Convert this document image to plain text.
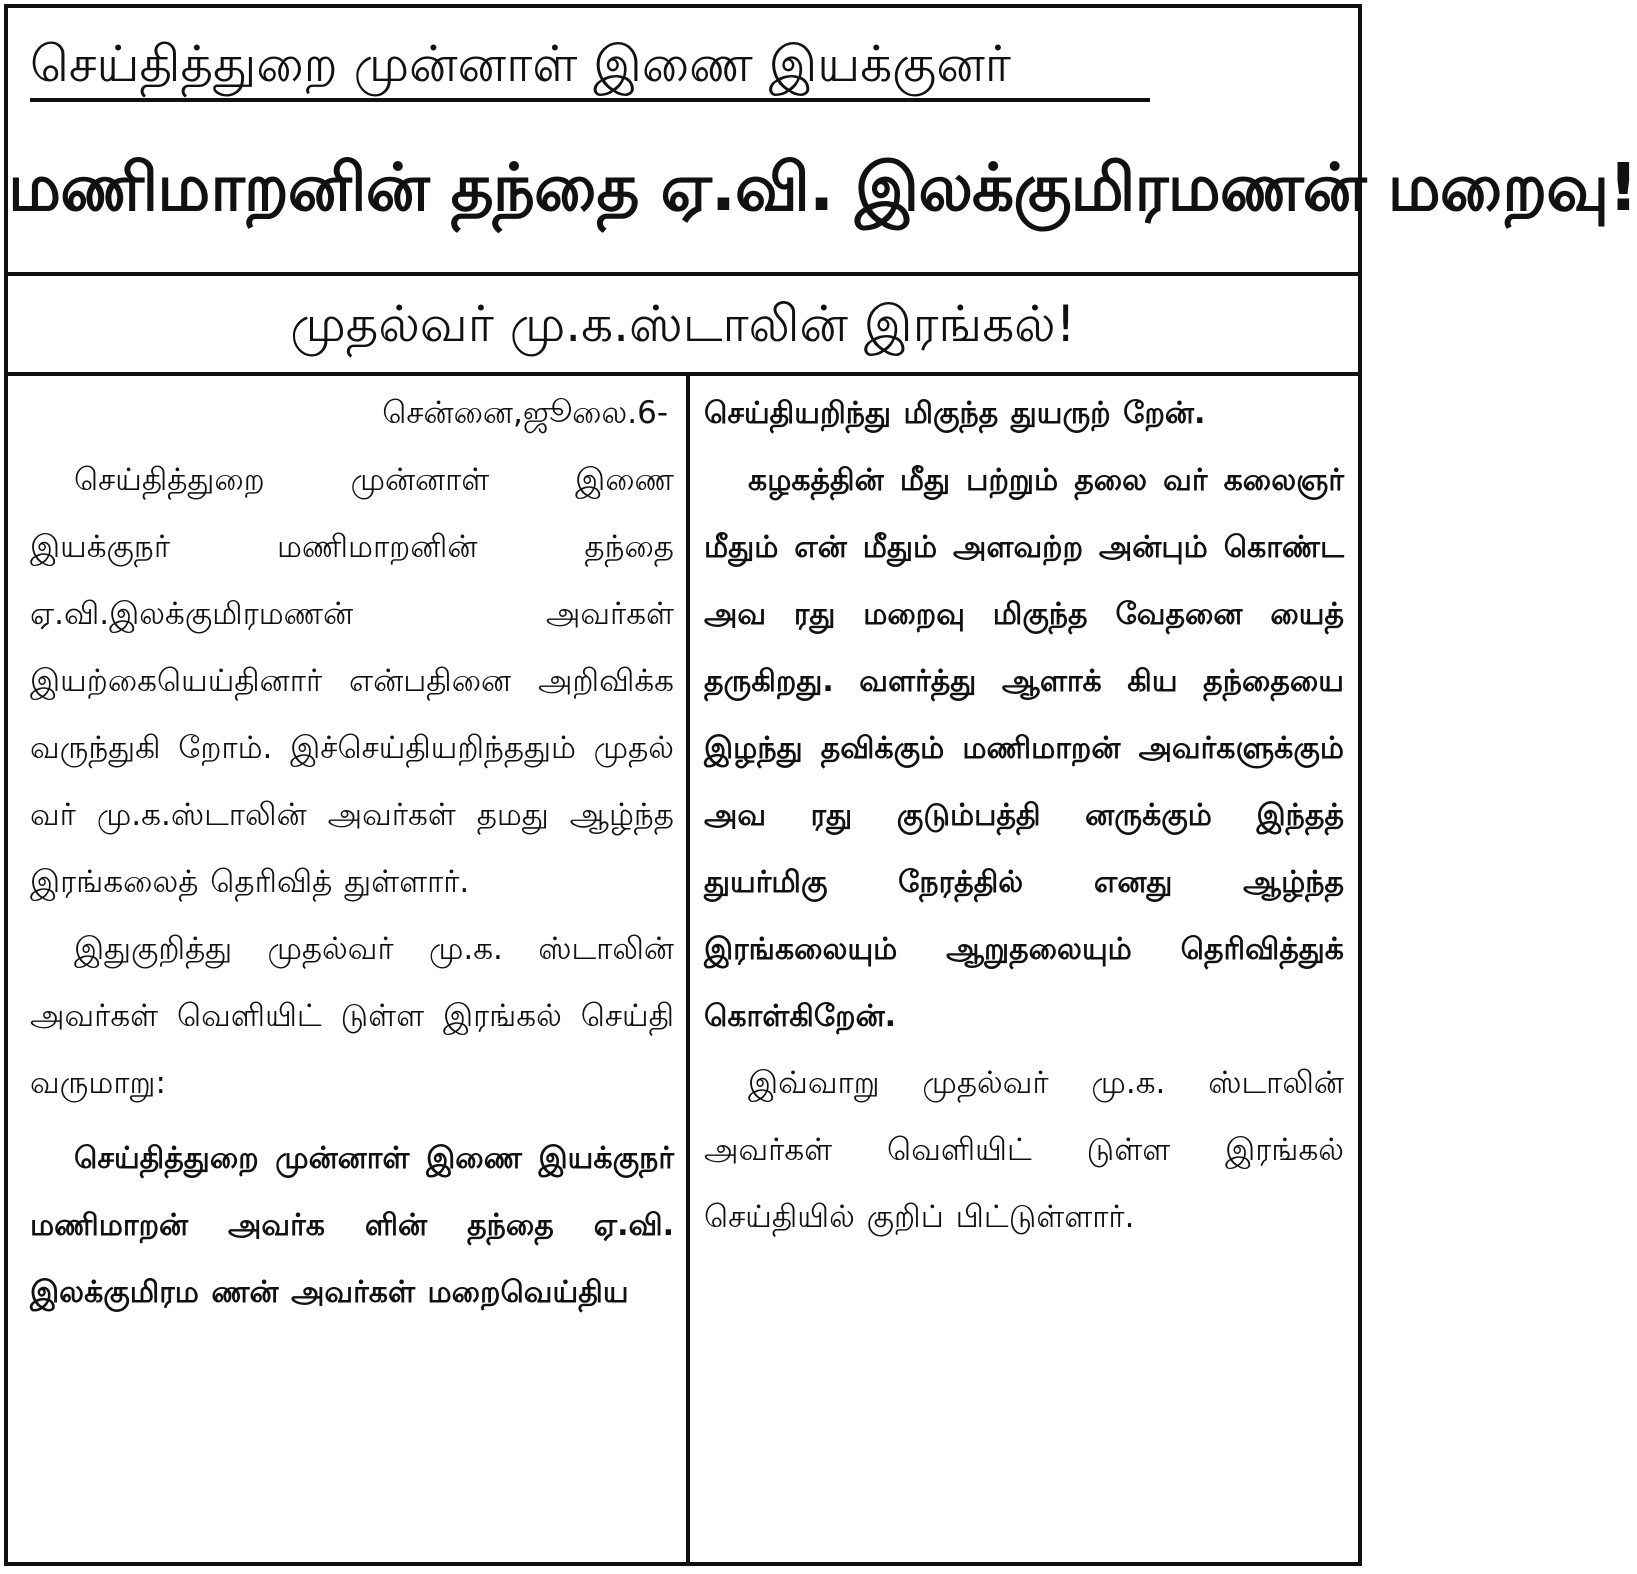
செய்தித்துறை முன்னாள் இணை இயக்குனர்
மணிமாறனின் தந்தை ஏ.வி. இலக்குமிரமணன் மறைவு!
முதல்வர் மு.க.ஸ்டாலின் இரங்கல்!

சென்னை,ஜூலை.6-

செய்தித்துறை முன்னாள் இணை இயக்குநர் மணிமாறனின் தந்தை ஏ.வி.இலக்குமிரமணன் அவர்கள் இயற்கையெய்தினார் என்பதினை அறிவிக்க வருந்துகி றோம். இச்செய்தியறிந்ததும் முதல் வர் மு.க.ஸ்டாலின் அவர்கள் தமது ஆழ்ந்த இரங்கலைத் தெரிவித் துள்ளார்.

இதுகுறித்து முதல்வர் மு.க. ஸ்டாலின் அவர்கள் வெளியிட் டுள்ள இரங்கல் செய்தி வருமாறு:

செய்தித்துறை முன்னாள் இணை இயக்குநர் மணிமாறன் அவர்க ளின் தந்தை ஏ.வி. இலக்குமிரம ணன் அவர்கள் மறைவெய்திய

செய்தியறிந்து மிகுந்த துயருற் றேன்.

கழகத்தின் மீது பற்றும் தலை வர் கலைஞர் மீதும் என் மீதும் அளவற்ற அன்பும் கொண்ட அவ ரது மறைவு மிகுந்த வேதனை யைத் தருகிறது. வளர்த்து ஆளாக் கிய தந்தையை இழந்து தவிக்கும் மணிமாறன் அவர்களுக்கும் அவ ரது குடும்பத்தி னருக்கும் இந்தத் துயர்மிகு நேரத்தில் எனது ஆழ்ந்த இரங்கலையும் ஆறுதலையும் தெரிவித்துக் கொள்கிறேன்.

இவ்வாறு முதல்வர் மு.க. ஸ்டாலின் அவர்கள் வெளியிட் டுள்ள இரங்கல் செய்தியில் குறிப் பிட்டுள்ளார்.
